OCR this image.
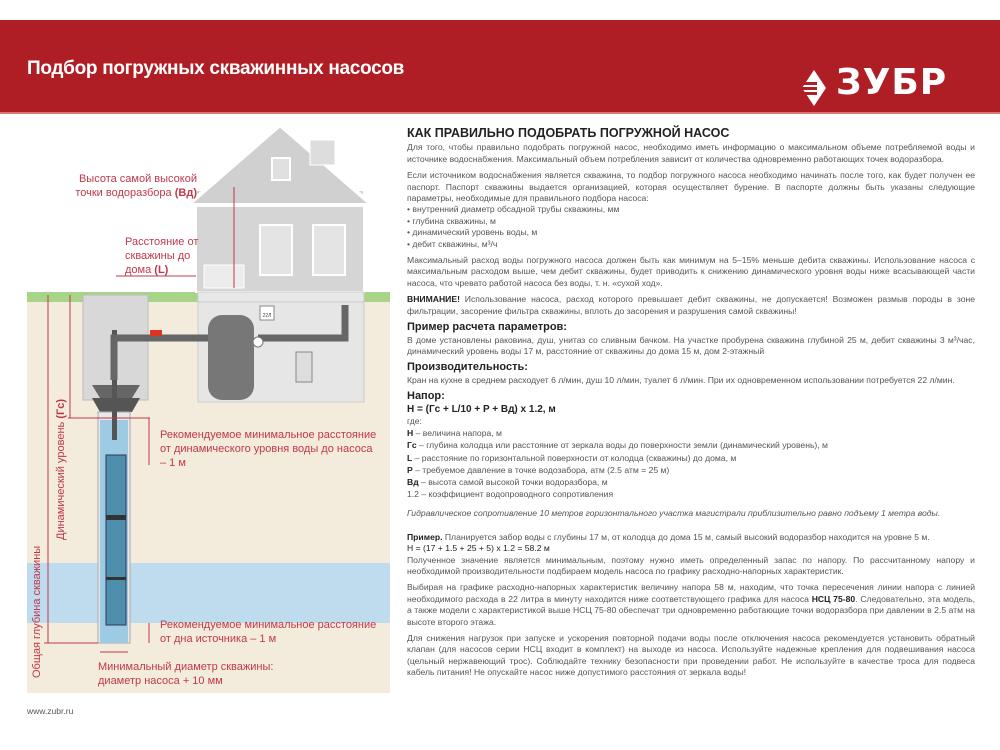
Подбор погружных скважинных насосов	ЗУБР
22Л
Высота самой высокой точки водоразбора (Вд)
Расстояние от скважины до дома (L)
Динамический уровень (Гс)
Общая глубина скважины
Рекомендуемое минимальное расстояние от динамического уровня воды до насоса – 1 м
Рекомендуемое минимальное расстояние от дна источника – 1 м
Минимальный диаметр скважины: диаметр насоса + 10 мм
www.zubr.ru
КАК ПРАВИЛЬНО ПОДОБРАТЬ ПОГРУЖНОЙ НАСОС

Для того, чтобы правильно подобрать погружной насос, необходимо иметь информацию о максимальном объеме потребляемой воды и источнике водоснабжения. Максимальный объем потребления зависит от количества одновременно работающих точек водоразбора.

Если источником водоснабжения является скважина, то подбор погружного насоса необходимо начинать после того, как будет получен ее паспорт. Паспорт скважины выдается организацией, которая осуществляет бурение. В паспорте должны быть указаны следующие параметры, необходимые для правильного подбора насоса:

• внутренний диаметр обсадной трубы скважины, мм
• глубина скважины, м
• динамический уровень воды, м
• дебит скважины, м³/ч

Максимальный расход воды погружного насоса должен быть как минимум на 5–15% меньше дебита скважины. Использование насоса с максимальным расходом выше, чем дебит скважины, будет приводить к снижению динамического уровня воды ниже всасывающей части насоса, что чревато работой насоса без воды, т. н. «сухой ход».

ВНИМАНИЕ! Использование насоса, расход которого превышает дебит скважины, не допускается! Возможен размыв породы в зоне фильтрации, засорение фильтра скважины, вплоть до засорения и разрушения самой скважины!

Пример расчета параметров:

В доме установлены раковина, душ, унитаз со сливным бачком. На участке пробурена скважина глубиной 25 м, дебит скважины 3 м³/час, динамический уровень воды 17 м, расстояние от скважины до дома 15 м, дом 2-этажный

Производительность:

Кран на кухне в среднем расходует 6 л/мин, душ 10 л/мин, туалет 6 л/мин. При их одновременном использовании потребуется 22 л/мин.

Напор:
H = (Гс + L/10 + P + Вд) x 1.2, м
где:
H – величина напора, м
Гс – глубина колодца или расстояние от зеркала воды до поверхности земли (динамический уровень), м
L – расстояние по горизонтальной поверхности от колодца (скважины) до дома, м
P – требуемое давление в точке водозабора, атм (2.5 атм = 25 м)
Вд – высота самой высокой точки водоразбора, м
1.2 – коэффициент водопроводного сопротивления

Гидравлическое сопротивление 10 метров горизонтального участка магистрали приблизительно равно подъему 1 метра воды.

Пример. Планируется забор воды с глубины 17 м, от колодца до дома 15 м, самый высокий водоразбор находится на уровне 5 м.

H = (17 + 1.5 + 25 + 5) x 1.2 = 58.2 м

Полученное значение является минимальным, поэтому нужно иметь определенный запас по напору. По рассчитанному напору и необходимой производительности подбираем модель насоса по графику расходно-напорных характеристик.

Выбирая на графике расходно-напорных характеристик величину напора 58 м, находим, что точка пересечения линии напора с линией необходимого расхода в 22 литра в минуту находится ниже соответствующего графика для насоса НСЦ 75-80. Следовательно, эта модель, а также модели с характеристикой выше НСЦ 75-80 обеспечат три одновременно работающие точки водоразбора при давлении в 2.5 атм на высоте второго этажа.

Для снижения нагрузок при запуске и ускорения повторной подачи воды после отключения насоса рекомендуется установить обратный клапан (для насосов серии НСЦ входит в комплект) на выходе из насоса. Используйте надежные крепления для подвешивания насоса (цельный нержавеющий трос). Соблюдайте технику безопасности при проведении работ. Не используйте в качестве троса для подвеса кабель питания! Не опускайте насос ниже допустимого расстояния от зеркала воды!
